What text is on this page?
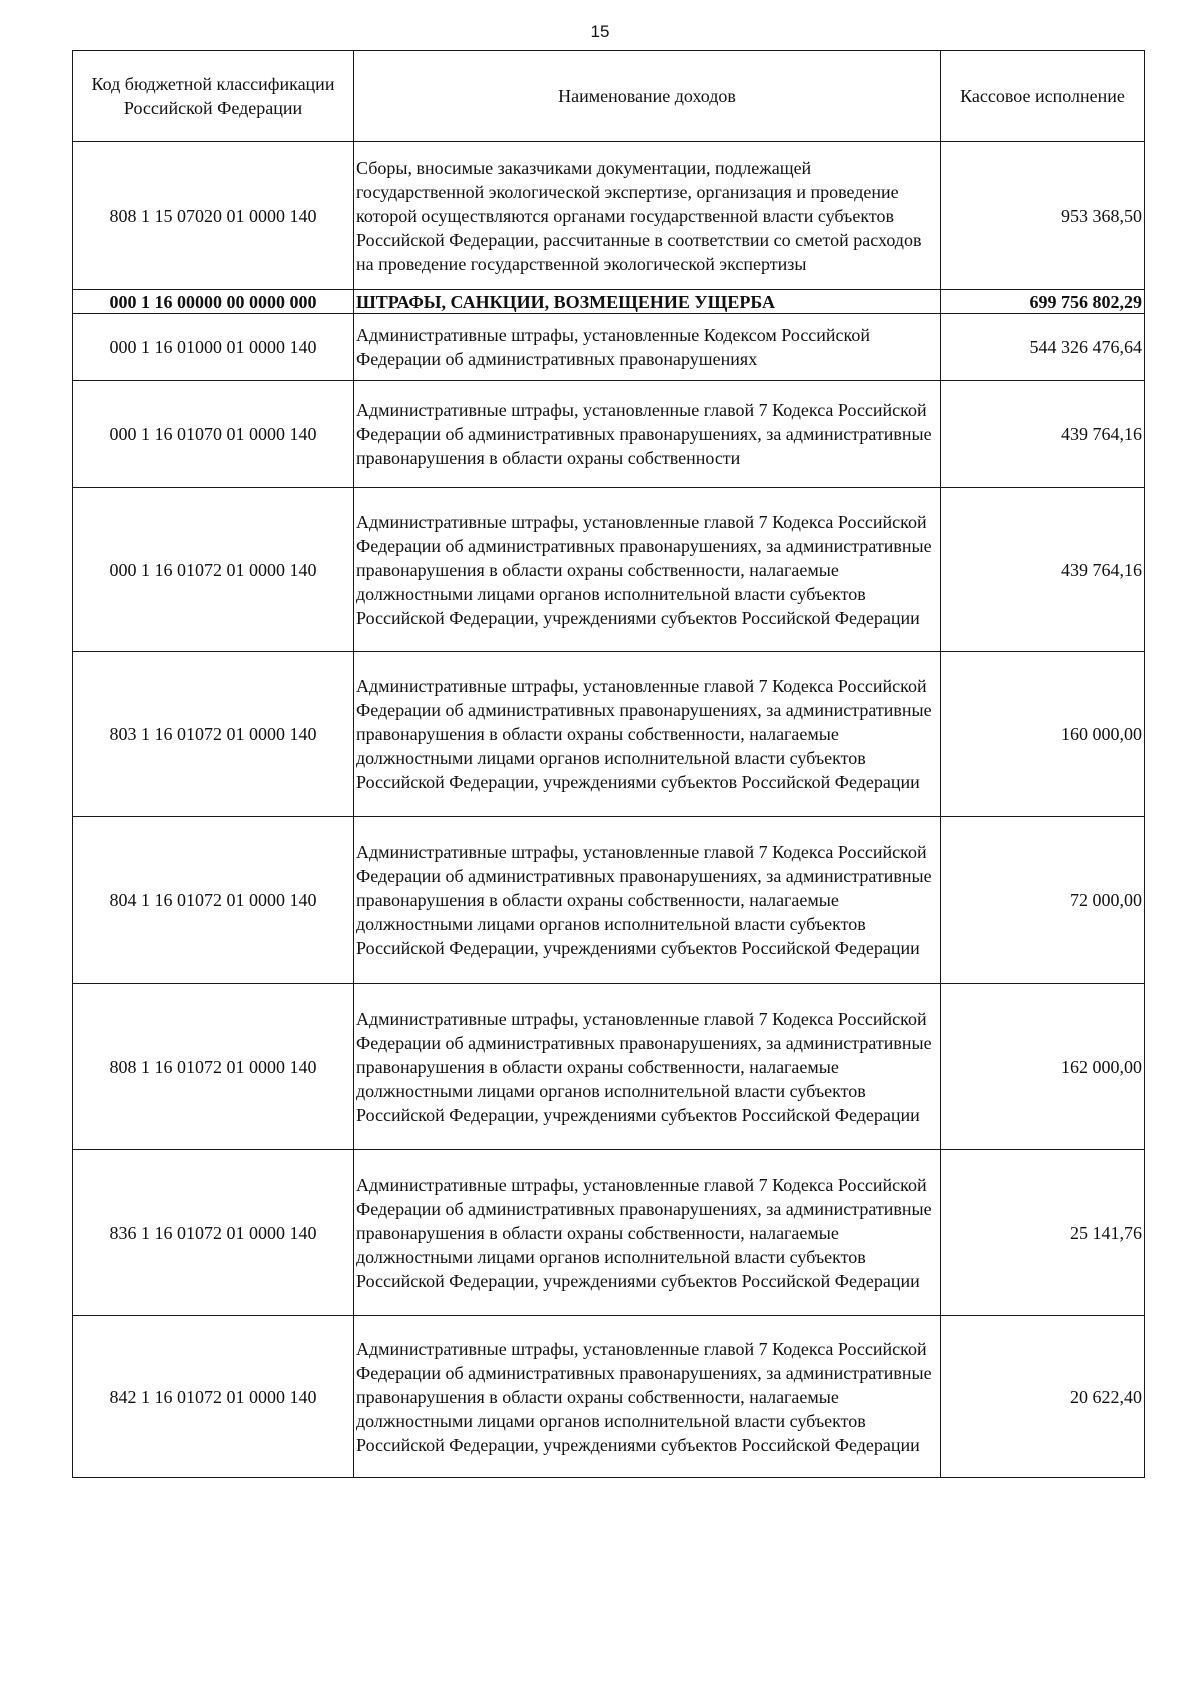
15
Код бюджетной классификации Российской Федерации	Наименование доходов	Кассовое исполнение
808 1 15 07020 01 0000 140	Сборы, вносимые заказчиками документации, подлежащей государственной экологической экспертизе, организация и проведение которой осуществляются органами государственной власти субъектов Российской Федерации, рассчитанные в соответствии со сметой расходов на проведение государственной экологической экспертизы	953 368,50
000 1 16 00000 00 0000 000	ШТРАФЫ, САНКЦИИ, ВОЗМЕЩЕНИЕ УЩЕРБА	699 756 802,29
000 1 16 01000 01 0000 140	Административные штрафы, установленные Кодексом Российской Федерации об административных правонарушениях	544 326 476,64
000 1 16 01070 01 0000 140	Административные штрафы, установленные главой 7 Кодекса Российской Федерации об административных правонарушениях, за административные правонарушения в области охраны собственности	439 764,16
000 1 16 01072 01 0000 140	Административные штрафы, установленные главой 7 Кодекса Российской Федерации об административных правонарушениях, за административные правонарушения в области охраны собственности, налагаемые должностными лицами органов исполнительной власти субъектов Российской Федерации, учреждениями субъектов Российской Федерации	439 764,16
803 1 16 01072 01 0000 140	Административные штрафы, установленные главой 7 Кодекса Российской Федерации об административных правонарушениях, за административные правонарушения в области охраны собственности, налагаемые должностными лицами органов исполнительной власти субъектов Российской Федерации, учреждениями субъектов Российской Федерации	160 000,00
804 1 16 01072 01 0000 140	Административные штрафы, установленные главой 7 Кодекса Российской Федерации об административных правонарушениях, за административные правонарушения в области охраны собственности, налагаемые должностными лицами органов исполнительной власти субъектов Российской Федерации, учреждениями субъектов Российской Федерации	72 000,00
808 1 16 01072 01 0000 140	Административные штрафы, установленные главой 7 Кодекса Российской Федерации об административных правонарушениях, за административные правонарушения в области охраны собственности, налагаемые должностными лицами органов исполнительной власти субъектов Российской Федерации, учреждениями субъектов Российской Федерации	162 000,00
836 1 16 01072 01 0000 140	Административные штрафы, установленные главой 7 Кодекса Российской Федерации об административных правонарушениях, за административные правонарушения в области охраны собственности, налагаемые должностными лицами органов исполнительной власти субъектов Российской Федерации, учреждениями субъектов Российской Федерации	25 141,76
842 1 16 01072 01 0000 140	Административные штрафы, установленные главой 7 Кодекса Российской Федерации об административных правонарушениях, за административные правонарушения в области охраны собственности, налагаемые должностными лицами органов исполнительной власти субъектов Российской Федерации, учреждениями субъектов Российской Федерации	20 622,40
